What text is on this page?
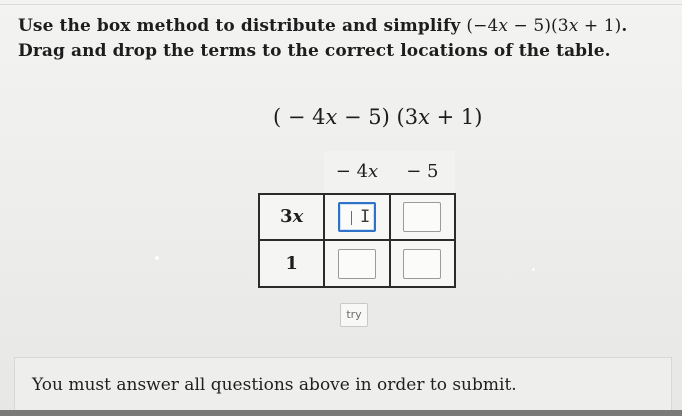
Use the box method to distribute and simplify (−4x − 5)(3x + 1). Drag and drop the terms to the correct locations of the table.
( − 4x − 5) (3x + 1)
	− 4x	− 5
3x	I	

1		
try
You must answer all questions above in order to submit.
